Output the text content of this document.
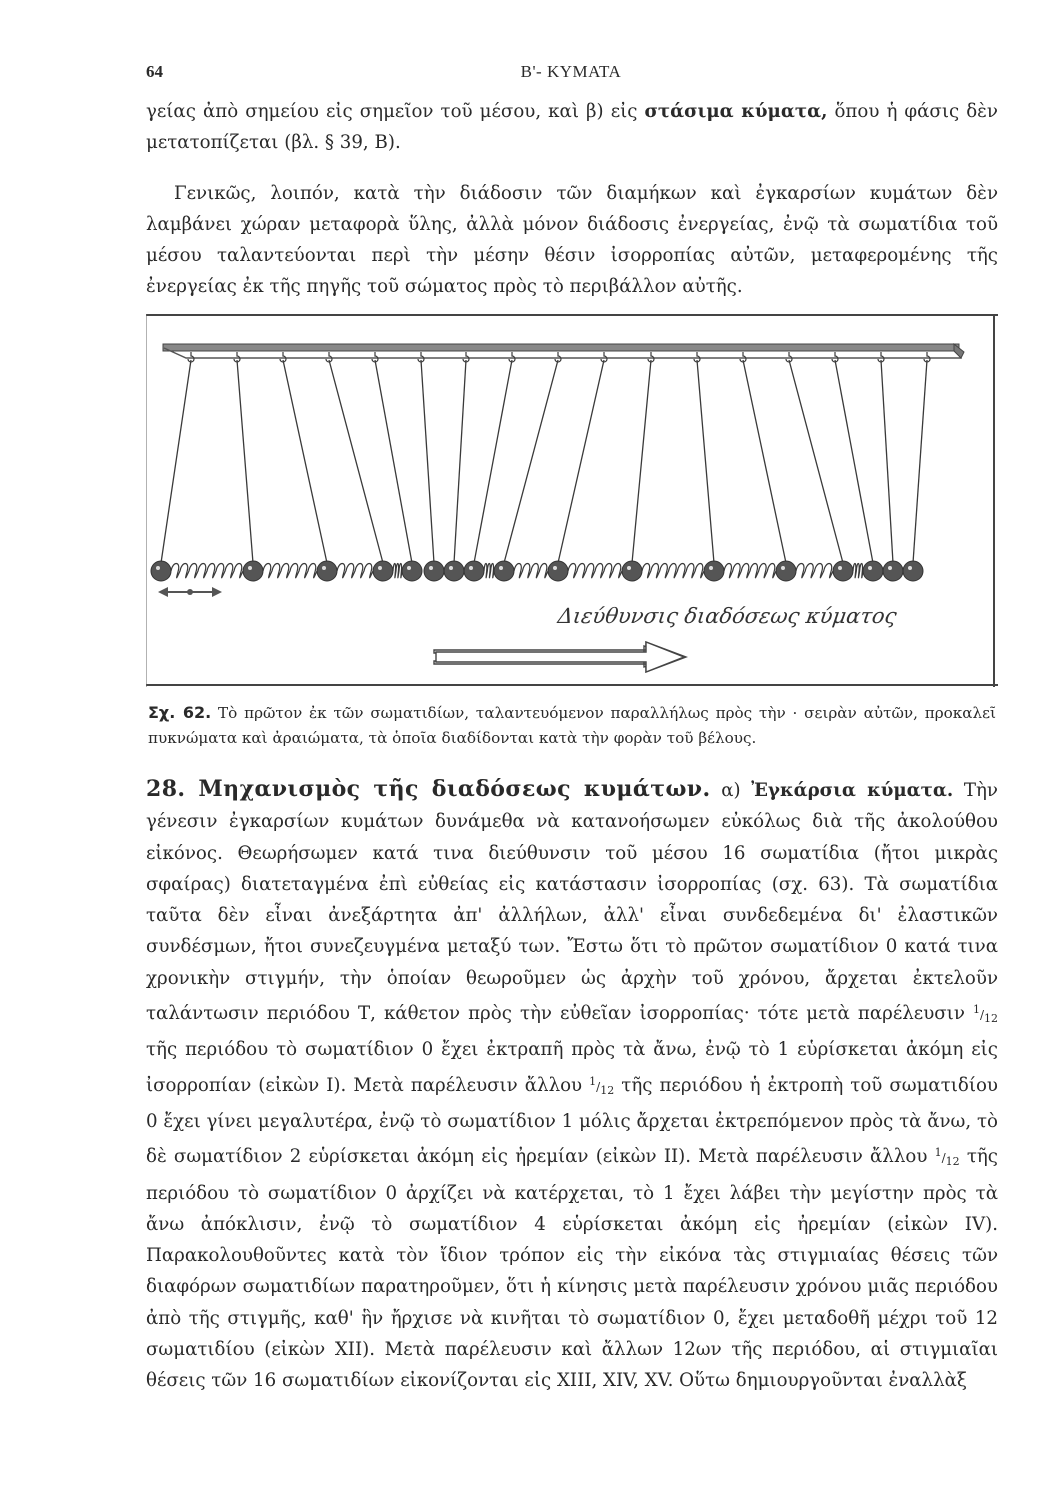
64	Β'- ΚΥΜΑΤΑ

γείας ἀπὸ σημείου εἰς σημεῖον τοῦ μέσου, καὶ β) εἰς στάσιμα κύματα, ὅπου ἡ φάσις δὲν μετατοπίζεται (βλ. § 39, Β).

Γενικῶς, λοιπόν, κατὰ τὴν διάδοσιν τῶν διαμήκων καὶ ἐγκαρσίων κυμάτων δὲν λαμβάνει χώραν μεταφορὰ ὕλης, ἀλλὰ μόνον διάδοσις ἐνεργείας, ἐνῷ τὰ σωματίδια τοῦ μέσου ταλαντεύονται περὶ τὴν μέσην θέσιν ἰσορροπίας αὐτῶν, μεταφερομένης τῆς ἐνεργείας ἐκ τῆς πηγῆς τοῦ σώματος πρὸς τὸ περιβάλλον αὐτῆς.

Διεύθυνσις διαδόσεως κύματος
Σχ. 62. Τὸ πρῶτον ἐκ τῶν σωματιδίων, ταλαντευόμενον παραλλήλως πρὸς τὴν · σειρὰν αὐτῶν, προκαλεῖ πυκνώματα καὶ ἀραιώματα, τὰ ὁποῖα διαδίδονται κατὰ τὴν φορὰν τοῦ βέλους.

28. Μηχανισμὸς τῆς διαδόσεως κυμάτων. α) Ἐγκάρσια κύματα. Τὴν γένεσιν ἐγκαρσίων κυμάτων δυνάμεθα νὰ κατανοήσωμεν εὐκόλως διὰ τῆς ἀκολούθου εἰκόνος. Θεωρήσωμεν κατά τινα διεύθυνσιν τοῦ μέσου 16 σωματίδια (ἤτοι μικρὰς σφαίρας) διατεταγμένα ἐπὶ εὐθείας εἰς κατάστασιν ἰσορροπίας (σχ. 63). Τὰ σωματίδια ταῦτα δὲν εἶναι ἀνεξάρτητα ἀπ' ἀλλήλων, ἀλλ' εἶναι συνδεδεμένα δι' ἐλαστικῶν συνδέσμων, ἤτοι συνεζευγμένα μεταξύ των. Ἔστω ὅτι τὸ πρῶτον σωματίδιον 0 κατά τινα χρονικὴν στιγμήν, τὴν ὁποίαν θεωροῦμεν ὡς ἀρχὴν τοῦ χρόνου, ἄρχεται ἐκτελοῦν ταλάντωσιν περιόδου Τ, κάθετον πρὸς τὴν εὐθεῖαν ἰσορροπίας· τότε μετὰ παρέλευσιν $^1/_{12}$ τῆς περιόδου τὸ σωματίδιον 0 ἔχει ἐκτραπῆ πρὸς τὰ ἄνω, ἐνῷ τὸ 1 εὑρίσκεται ἀκόμη εἰς ἰσορροπίαν (εἰκὼν I). Μετὰ παρέλευσιν ἄλλου $^1/_{12}$ τῆς περιόδου ἡ ἐκτροπὴ τοῦ σωματιδίου 0 ἔχει γίνει μεγαλυτέρα, ἐνῷ τὸ σωματίδιον 1 μόλις ἄρχεται ἐκτρεπόμενον πρὸς τὰ ἄνω, τὸ δὲ σωματίδιον 2 εὑρίσκεται ἀκόμη εἰς ἠρεμίαν (εἰκὼν II). Μετὰ παρέλευσιν ἄλλου $^1/_{12}$ τῆς περιόδου τὸ σωματίδιον 0 ἀρχίζει νὰ κατέρχεται, τὸ 1 ἔχει λάβει τὴν μεγίστην πρὸς τὰ ἄνω ἀπόκλισιν, ἐνῷ τὸ σωματίδιον 4 εὑρίσκεται ἀκόμη εἰς ἠρεμίαν (εἰκὼν IV). Παρακολουθοῦντες κατὰ τὸν ἴδιον τρόπον εἰς τὴν εἰκόνα τὰς στιγμιαίας θέσεις τῶν διαφόρων σωματιδίων παρατηροῦμεν, ὅτι ἡ κίνησις μετὰ παρέλευσιν χρόνου μιᾶς περιόδου ἀπὸ τῆς στιγμῆς, καθ' ἣν ἤρχισε νὰ κινῆται τὸ σωματίδιον 0, ἔχει μεταδοθῆ μέχρι τοῦ 12 σωματιδίου (εἰκὼν XII). Μετὰ παρέλευσιν καὶ ἄλλων 12ων τῆς περιόδου, αἱ στιγμιαῖαι θέσεις τῶν 16 σωματιδίων εἰκονίζονται εἰς XIII, XIV, XV. Οὕτω δημιουργοῦνται ἐναλλὰξ
